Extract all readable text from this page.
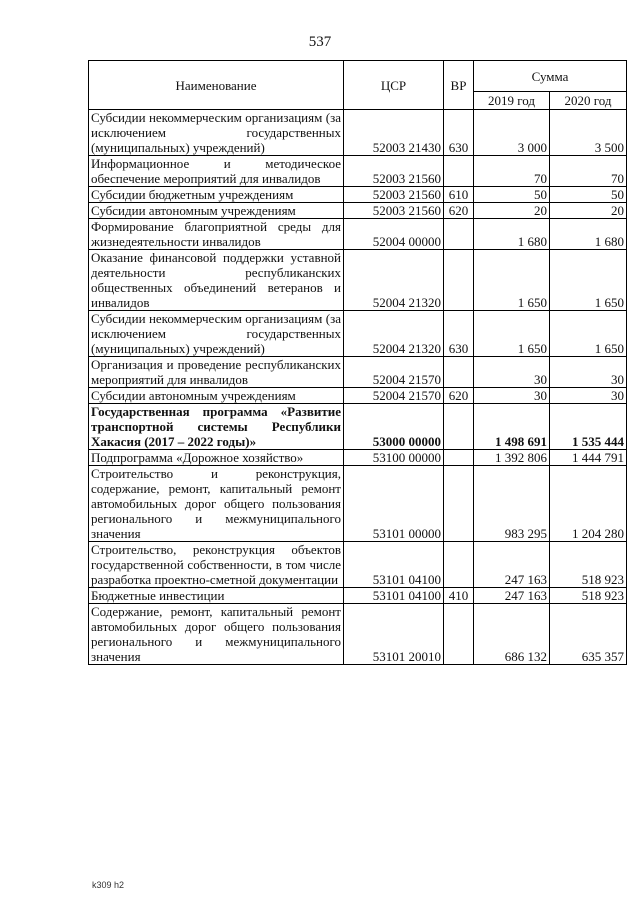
537
Наименование	ЦСР	ВР	Сумма	
			2019 год	2020 год
Субсидии некоммерческим организациям (за исключением государственных (муниципальных) учреждений)	52003 21430	630	3 000	3 500
Информационное и методическое обеспечение мероприятий для инвалидов	52003 21560		70	70
Субсидии бюджетным учреждениям	52003 21560	610	50	50
Субсидии автономным учреждениям	52003 21560	620	20	20
Формирование благоприятной среды для жизнедеятельности инвалидов	52004 00000		1 680	1 680
Оказание финансовой поддержки уставной деятельности республиканских общественных объединений ветеранов и инвалидов	52004 21320		1 650	1 650
Субсидии некоммерческим организациям (за исключением государственных (муниципальных) учреждений)	52004 21320	630	1 650	1 650
Организация и проведение республиканских мероприятий для инвалидов	52004 21570		30	30
Субсидии автономным учреждениям	52004 21570	620	30	30
Государственная программа «Развитие транспортной системы Республики Хакасия (2017 – 2022 годы)»	53000 00000		1 498 691	1 535 444
Подпрограмма «Дорожное хозяйство»	53100 00000		1 392 806	1 444 791
Строительство и реконструкция, содержание, ремонт, капитальный ремонт автомобильных дорог общего пользования регионального и межмуниципального значения	53101 00000		983 295	1 204 280
Строительство, реконструкция объектов государственной собственности, в том числе разработка проектно-сметной документации	53101 04100		247 163	518 923
Бюджетные инвестиции	53101 04100	410	247 163	518 923
Содержание, ремонт, капитальный ремонт автомобильных дорог общего пользования регионального и межмуниципального значения	53101 20010		686 132	635 357
k309 h2
